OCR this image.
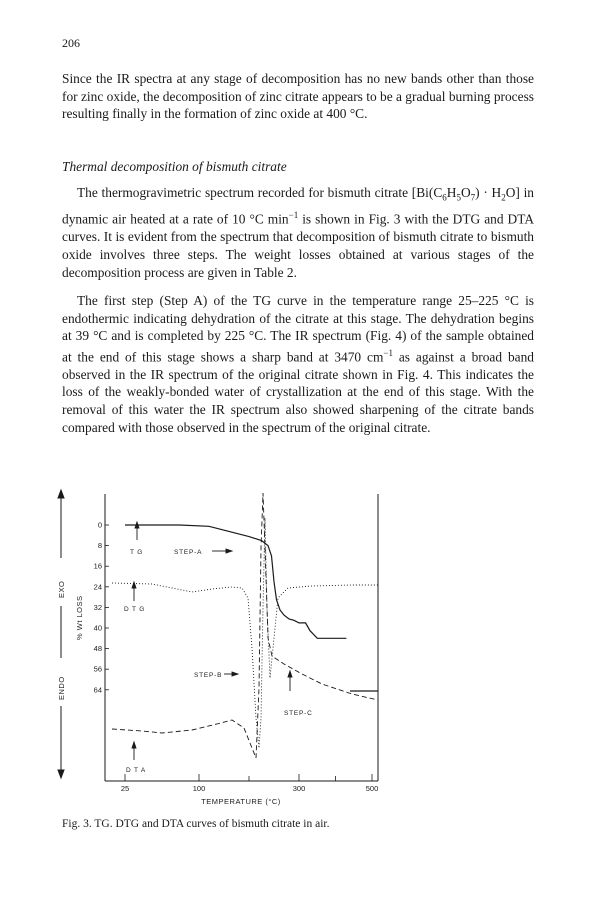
206

Since the IR spectra at any stage of decomposition has no new bands other than those for zinc oxide, the decomposition of zinc citrate appears to be a gradual burning process resulting finally in the formation of zinc oxide at 400 °C.

Thermal decomposition of bismuth citrate

The thermogravimetric spectrum recorded for bismuth citrate $[Bi(C_6H_5O_7) \cdot H_2O]$ in dynamic air heated at a rate of 10 °C $\min^{-1}$ is shown in Fig. 3 with the DTG and DTA curves. It is evident from the spectrum that decomposition of bismuth citrate to bismuth oxide involves three steps. The weight losses obtained at various stages of the decomposition process are given in Table 2.

The first step (Step A) of the TG curve in the temperature range 25–225 °C is endothermic indicating dehydration of the citrate at this stage. The dehydration begins at 39 °C and is completed by 225 °C. The IR spectrum (Fig. 4) of the sample obtained at the end of this stage shows a sharp band at 3470 $cm^{-1}$ as against a broad band observed in the IR spectrum of the original citrate shown in Fig. 4. This indicates the loss of the weakly-bonded water of crystallization at the end of this stage. With the removal of this water the IR spectrum also showed sharpening of the citrate bands compared with those observed in the spectrum of the original citrate.

0
8
16
24
32
40
48
56
64
25	100	300	500
EXO
ENDO
% Wt LOSS
T G	STEP-A
D T G
STEP-B
STEP-C
D T A
TEMPERATURE (°C)
Fig. 3. TG. DTG and DTA curves of bismuth citrate in air.
